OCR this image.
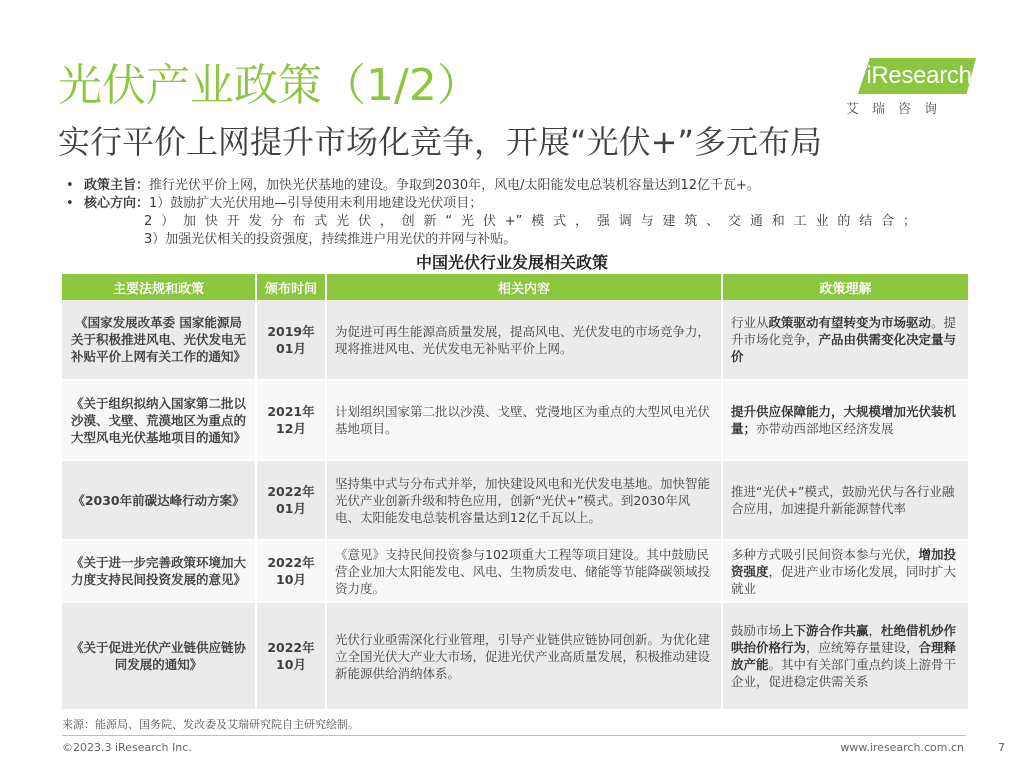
光伏产业政策（1/2）
实行平价上网提升市场化竞争，开展“光伏+”多元布局
iResearch
艾瑞咨询
• 政策主旨：推行光伏平价上网，加快光伏基地的建设。争取到2030年，风电/太阳能发电总装机容量达到12亿千瓦+。
• 核心方向：1）鼓励扩大光伏用地—引导使用未利用地建设光伏项目；
2）加快开发分布式光伏，创新“光伏+”模式，强调与建筑、交通和工业的结合；
3）加强光伏相关的投资强度，持续推进户用光伏的并网与补贴。
中国光伏行业发展相关政策
主要法规和政策	颁布时间	相关内容	政策理解
《国家发展改革委 国家能源局关于积极推进风电、光伏发电无补贴平价上网有关工作的通知》	2019年01月	为促进可再生能源高质量发展，提高风电、光伏发电的市场竞争力，现将推进风电、光伏发电无补贴平价上网。	行业从政策驱动有望转变为市场驱动。提升市场化竞争，产品由供需变化决定量与价
《关于组织拟纳入国家第二批以沙漠、戈壁、荒漠地区为重点的大型风电光伏基地项目的通知》	2021年12月	计划组织国家第二批以沙漠、戈壁、党漫地区为重点的大型风电光伏基地项目。	提升供应保障能力，大规模增加光伏装机量；亦带动西部地区经济发展
《2030年前碳达峰行动方案》	2022年01月	坚持集中式与分布式并举，加快建设风电和光伏发电基地。加快智能光伏产业创新升级和特色应用，创新“光伏+”模式。到2030年风电、太阳能发电总装机容量达到12亿千瓦以上。	推进“光伏+”模式，鼓励光伏与各行业融合应用，加速提升新能源替代率
《关于进一步完善政策环境加大力度支持民间投资发展的意见》	2022年10月	《意见》支持民间投资参与102项重大工程等项目建设。其中鼓励民营企业加大太阳能发电、风电、生物质发电、储能等节能降碳领域投资力度。	多种方式吸引民间资本参与光伏，增加投资强度，促进产业市场化发展，同时扩大就业
《关于促进光伏产业链供应链协同发展的通知》	2022年10月	光伏行业亟需深化行业管理，引导产业链供应链协同创新。为优化建立全国光伏大产业大市场，促进光伏产业高质量发展，积极推动建设新能源供给消纳体系。	鼓励市场上下游合作共赢，杜绝借机炒作哄抬价格行为，应统筹存量建设，合理释放产能。其中有关部门重点约谈上游骨干企业，促进稳定供需关系
来源：能源局、国务院、发改委及艾瑞研究院自主研究绘制。
©2023.3 iResearch Inc.	www.iresearch.com.cn	7
